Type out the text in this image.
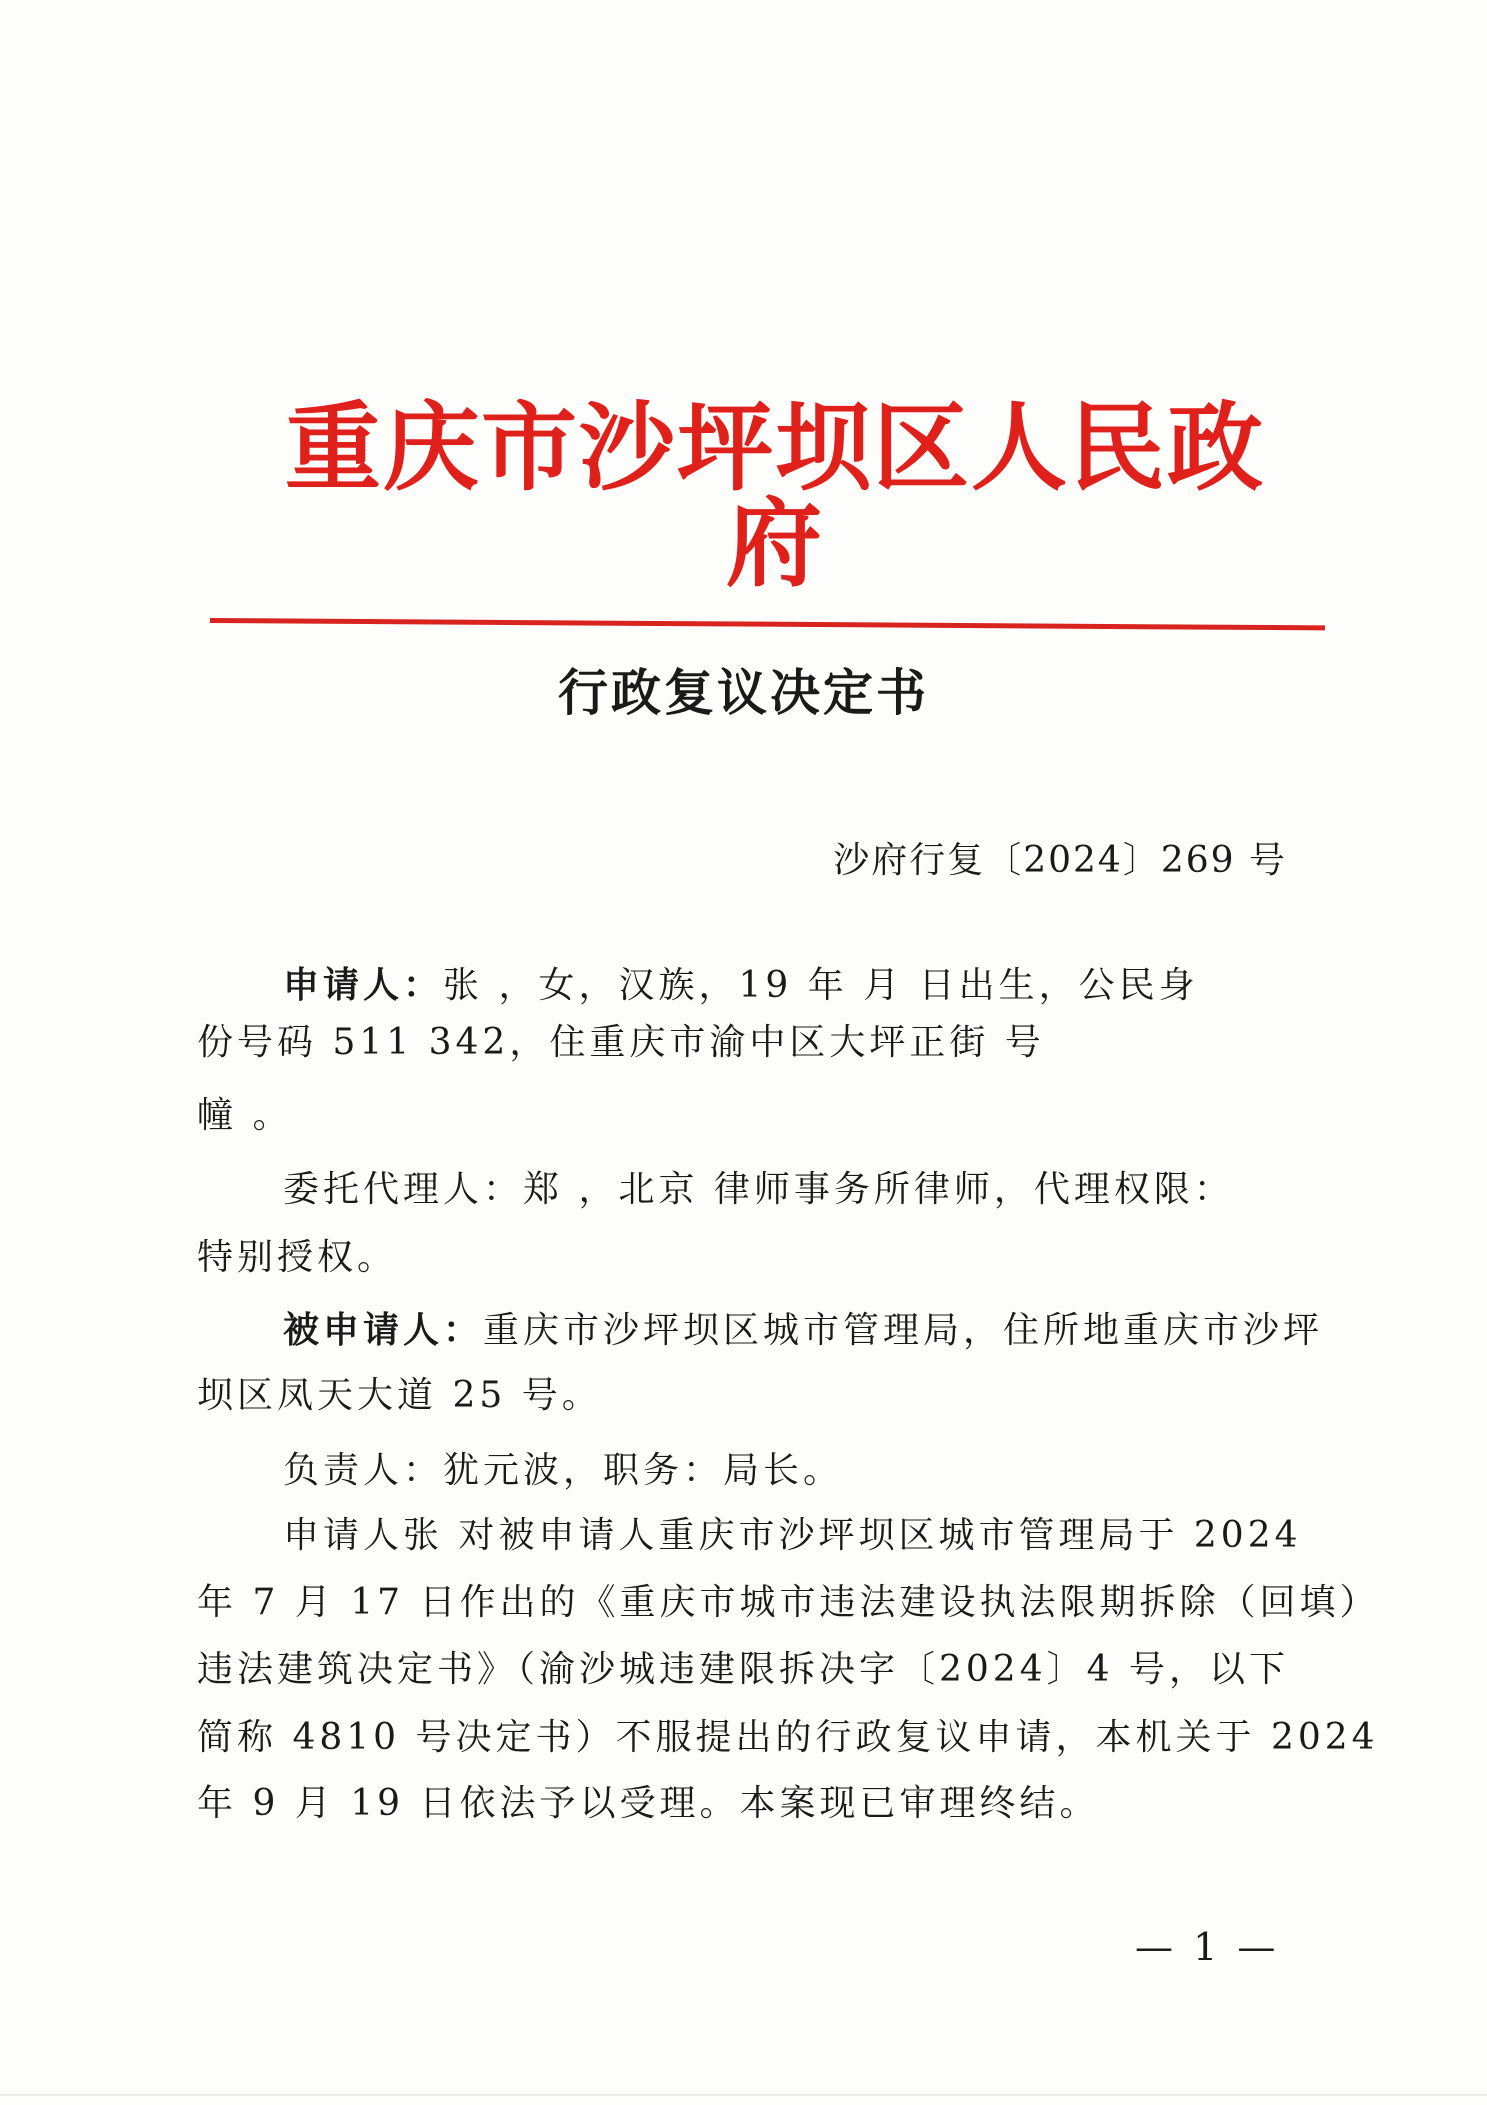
重庆市沙坪坝区人民政府
行政复议决定书
沙府行复〔2024〕269 号
申请人：张 ，女，汉族，19 年 月 日出生，公民身
份号码 511 342，住重庆市渝中区大坪正街 号
幢 。
委托代理人：郑 ，北京 律师事务所律师，代理权限：
特别授权。
被申请人：重庆市沙坪坝区城市管理局，住所地重庆市沙坪
坝区凤天大道 25 号。
负责人：犹元波，职务：局长。
申请人张 对被申请人重庆市沙坪坝区城市管理局于 2024
年 7 月 17 日作出的《重庆市城市违法建设执法限期拆除（回填）
违法建筑决定书》（渝沙城违建限拆决字〔2024〕4 号，以下
简称 4810 号决定书）不服提出的行政复议申请，本机关于 2024
年 9 月 19 日依法予以受理。本案现已审理终结。
— 1 —
